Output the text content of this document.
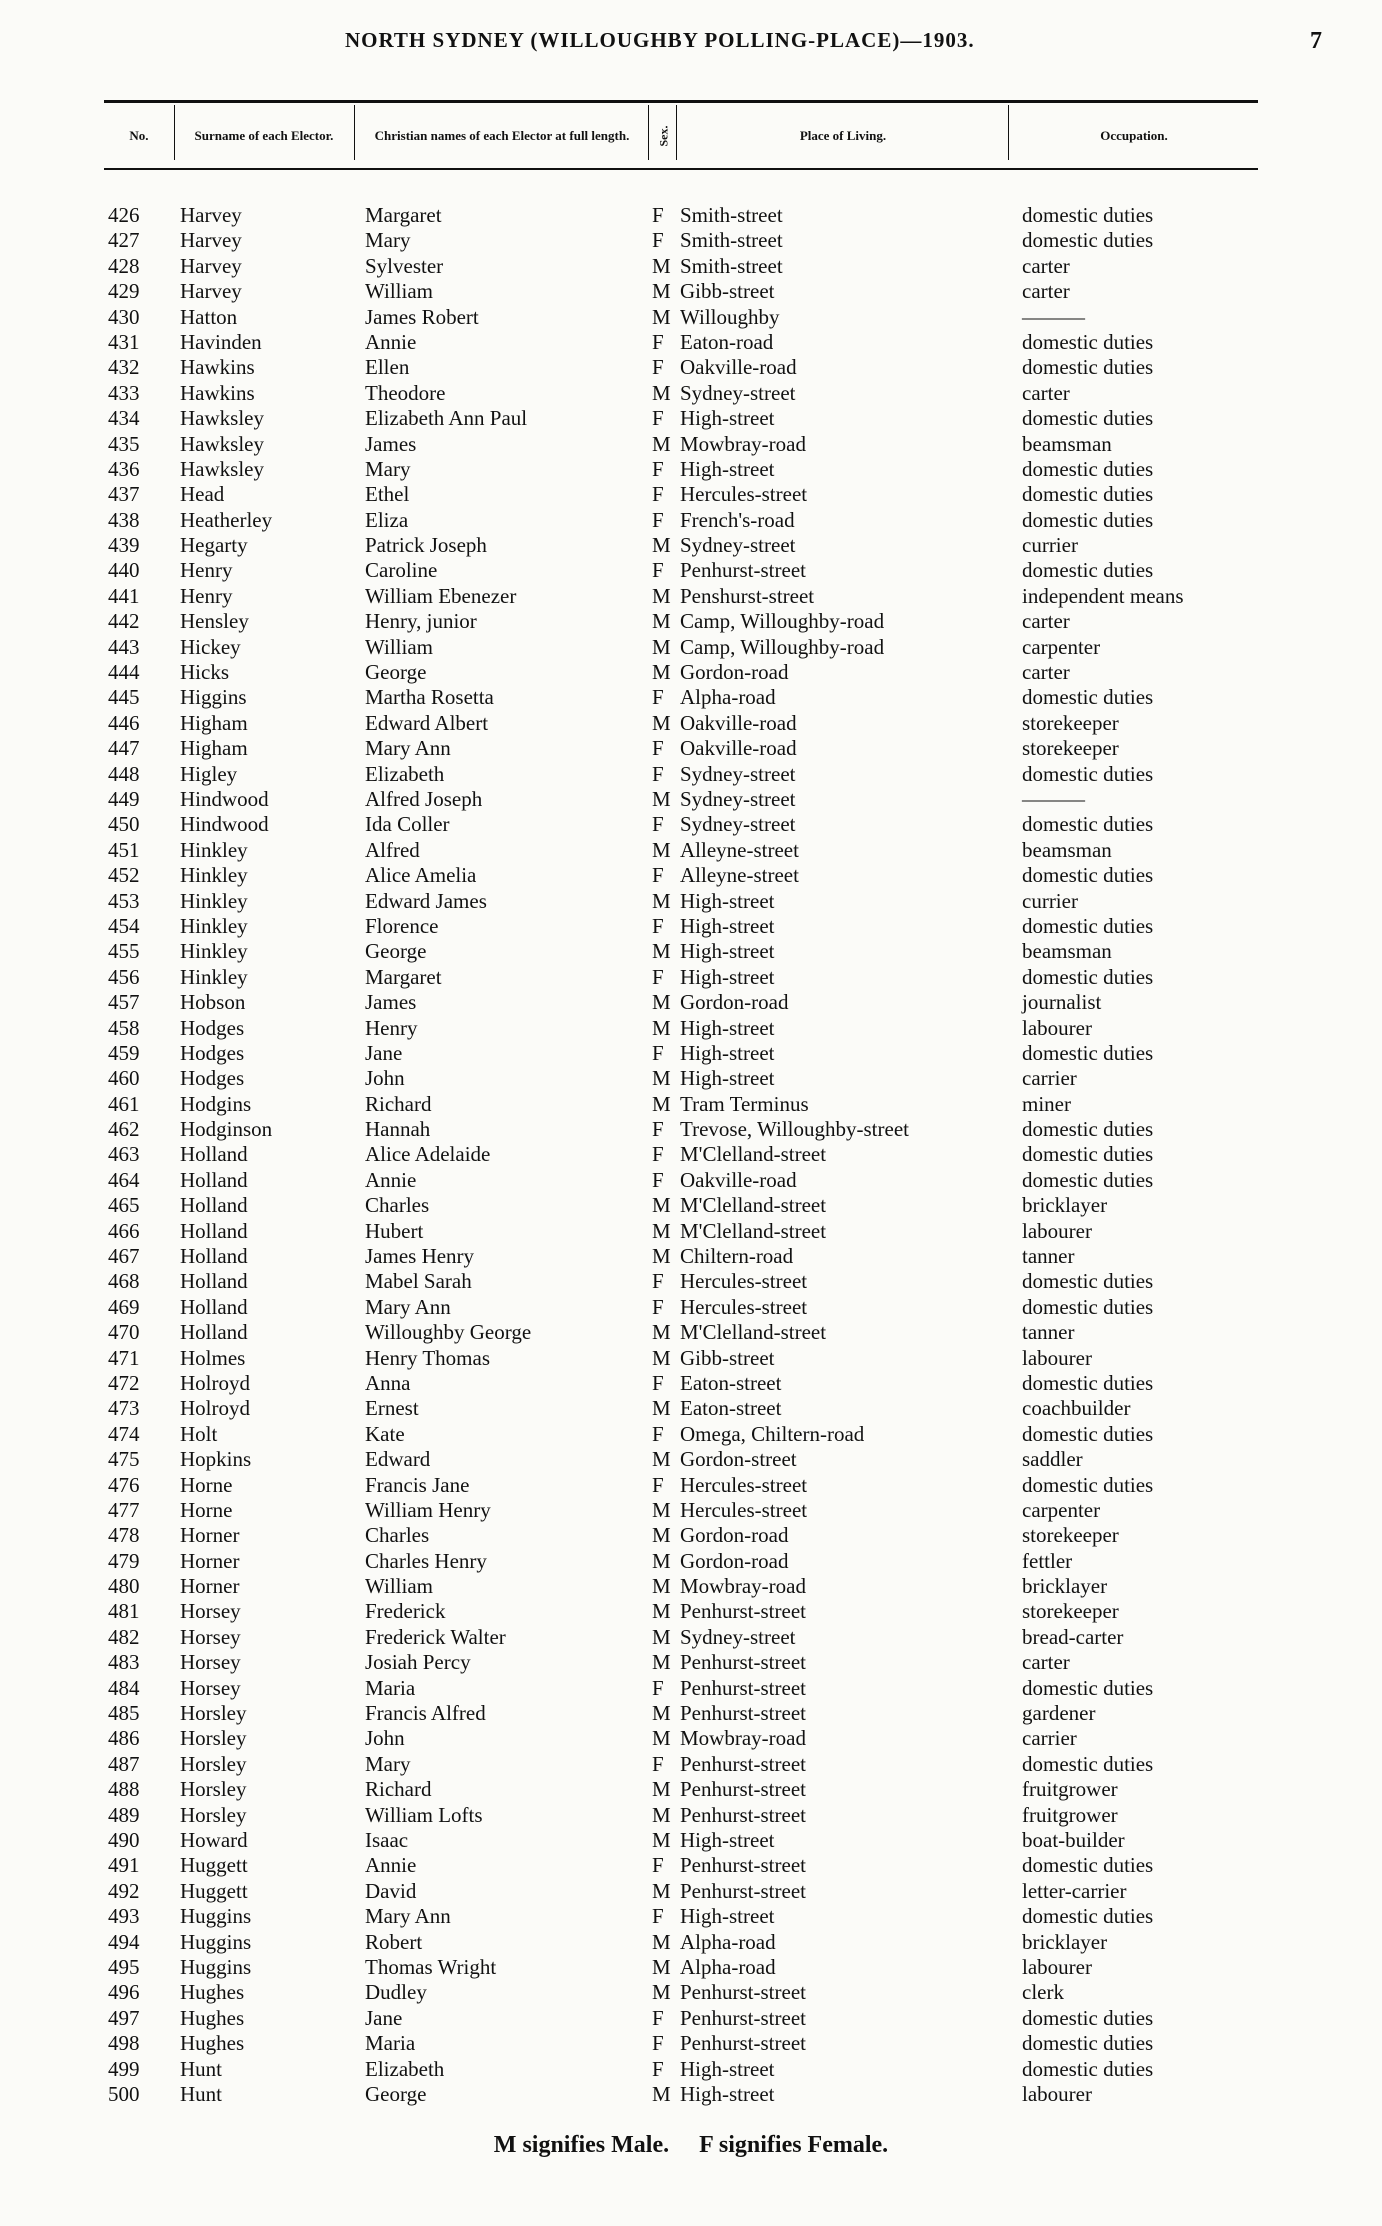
NORTH SYDNEY (WILLOUGHBY POLLING-PLACE)—1903.	7
No.	Surname of each Elector.	Christian names of each Elector at full length. Sex.	Place of Living.	Occupation.
426	Harvey	Margaret	F Smith-street	domestic duties
427	Harvey	Mary	F Smith-street	domestic duties
428	Harvey	Sylvester	M Smith-street	carter
429	Harvey	William	M Gibb-street	carter
430	Hatton	James Robert	M Willoughby	———
431	Havinden	Annie	F Eaton-road	domestic duties
432	Hawkins	Ellen	F Oakville-road	domestic duties
433	Hawkins	Theodore	M Sydney-street	carter
434	Hawksley	Elizabeth Ann Paul	F High-street	domestic duties
435	Hawksley	James	M Mowbray-road	beamsman
436	Hawksley	Mary	F High-street	domestic duties
437	Head	Ethel	F Hercules-street	domestic duties
438	Heatherley	Eliza	F French's-road	domestic duties
439	Hegarty	Patrick Joseph	M Sydney-street	currier
440	Henry	Caroline	F Penhurst-street	domestic duties
441	Henry	William Ebenezer	M Penshurst-street	independent means
442	Hensley	Henry, junior	M Camp, Willoughby-road	carter
443	Hickey	William	M Camp, Willoughby-road	carpenter
444	Hicks	George	M Gordon-road	carter
445	Higgins	Martha Rosetta	F Alpha-road	domestic duties
446	Higham	Edward Albert	M Oakville-road	storekeeper
447	Higham	Mary Ann	F Oakville-road	storekeeper
448	Higley	Elizabeth	F Sydney-street	domestic duties
449	Hindwood	Alfred Joseph	M Sydney-street	———
450	Hindwood	Ida Coller	F Sydney-street	domestic duties
451	Hinkley	Alfred	M Alleyne-street	beamsman
452	Hinkley	Alice Amelia	F Alleyne-street	domestic duties
453	Hinkley	Edward James	M High-street	currier
454	Hinkley	Florence	F High-street	domestic duties
455	Hinkley	George	M High-street	beamsman
456	Hinkley	Margaret	F High-street	domestic duties
457	Hobson	James	M Gordon-road	journalist
458	Hodges	Henry	M High-street	labourer
459	Hodges	Jane	F High-street	domestic duties
460	Hodges	John	M High-street	carrier
461	Hodgins	Richard	M Tram Terminus	miner
462	Hodginson	Hannah	F Trevose, Willoughby-street	domestic duties
463	Holland	Alice Adelaide	F M'Clelland-street	domestic duties
464	Holland	Annie	F Oakville-road	domestic duties
465	Holland	Charles	M M'Clelland-street	bricklayer
466	Holland	Hubert	M M'Clelland-street	labourer
467	Holland	James Henry	M Chiltern-road	tanner
468	Holland	Mabel Sarah	F Hercules-street	domestic duties
469	Holland	Mary Ann	F Hercules-street	domestic duties
470	Holland	Willoughby George	M M'Clelland-street	tanner
471	Holmes	Henry Thomas	M Gibb-street	labourer
472	Holroyd	Anna	F Eaton-street	domestic duties
473	Holroyd	Ernest	M Eaton-street	coachbuilder
474	Holt	Kate	F Omega, Chiltern-road	domestic duties
475	Hopkins	Edward	M Gordon-street	saddler
476	Horne	Francis Jane	F Hercules-street	domestic duties
477	Horne	William Henry	M Hercules-street	carpenter
478	Horner	Charles	M Gordon-road	storekeeper
479	Horner	Charles Henry	M Gordon-road	fettler
480	Horner	William	M Mowbray-road	bricklayer
481	Horsey	Frederick	M Penhurst-street	storekeeper
482	Horsey	Frederick Walter	M Sydney-street	bread-carter
483	Horsey	Josiah Percy	M Penhurst-street	carter
484	Horsey	Maria	F Penhurst-street	domestic duties
485	Horsley	Francis Alfred	M Penhurst-street	gardener
486	Horsley	John	M Mowbray-road	carrier
487	Horsley	Mary	F Penhurst-street	domestic duties
488	Horsley	Richard	M Penhurst-street	fruitgrower
489	Horsley	William Lofts	M Penhurst-street	fruitgrower
490	Howard	Isaac	M High-street	boat-builder
491	Huggett	Annie	F Penhurst-street	domestic duties
492	Huggett	David	M Penhurst-street	letter-carrier
493	Huggins	Mary Ann	F High-street	domestic duties
494	Huggins	Robert	M Alpha-road	bricklayer
495	Huggins	Thomas Wright	M Alpha-road	labourer
496	Hughes	Dudley	M Penhurst-street	clerk
497	Hughes	Jane	F Penhurst-street	domestic duties
498	Hughes	Maria	F Penhurst-street	domestic duties
499	Hunt	Elizabeth	F High-street	domestic duties
500	Hunt	George	M High-street	labourer
M signifies Male. F signifies Female.
